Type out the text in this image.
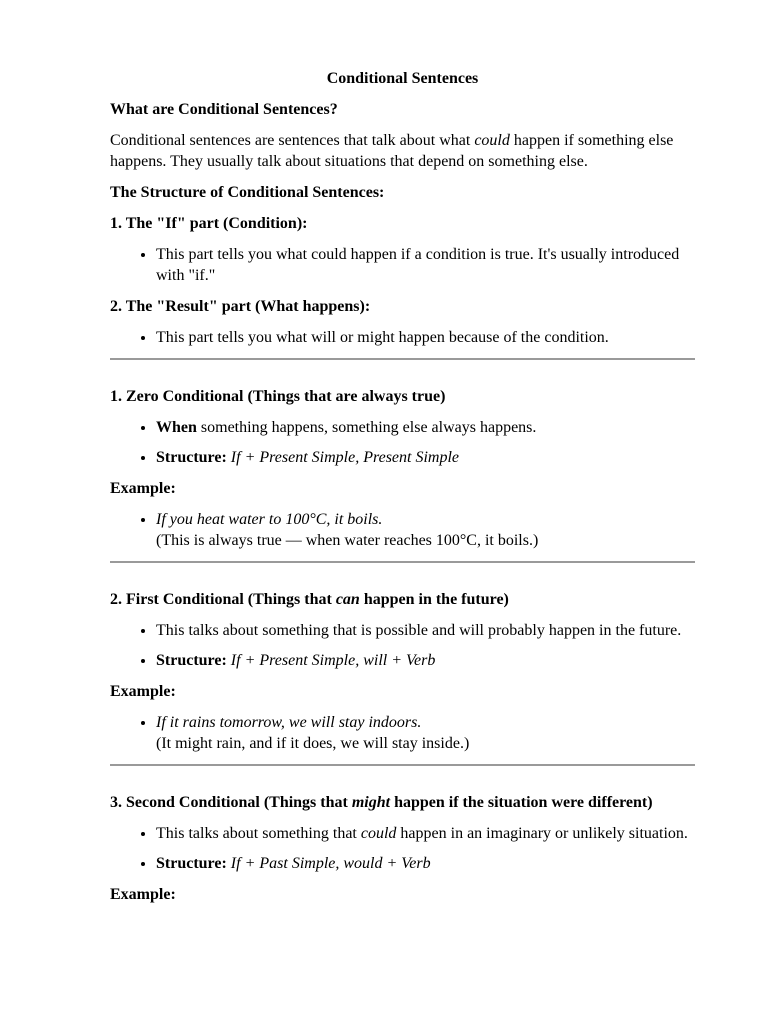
Conditional Sentences
What are Conditional Sentences?

Conditional sentences are sentences that talk about what could happen if something else happens. They usually talk about situations that depend on something else.

The Structure of Conditional Sentences:
1. The "If" part (Condition):
• This part tells you what could happen if a condition is true. It's usually introduced with "if."
2. The "Result" part (What happens):
• This part tells you what will or might happen because of the condition.
1. Zero Conditional (Things that are always true)
• When something happens, something else always happens.
• Structure: If + Present Simple, Present Simple
Example:
• If you heat water to 100°C, it boils.
(This is always true — when water reaches 100°C, it boils.)
2. First Conditional (Things that can happen in the future)
• This talks about something that is possible and will probably happen in the future.
• Structure: If + Present Simple, will + Verb
Example:
• If it rains tomorrow, we will stay indoors.
(It might rain, and if it does, we will stay inside.)
3. Second Conditional (Things that might happen if the situation were different)
• This talks about something that could happen in an imaginary or unlikely situation.
• Structure: If + Past Simple, would + Verb
Example:
